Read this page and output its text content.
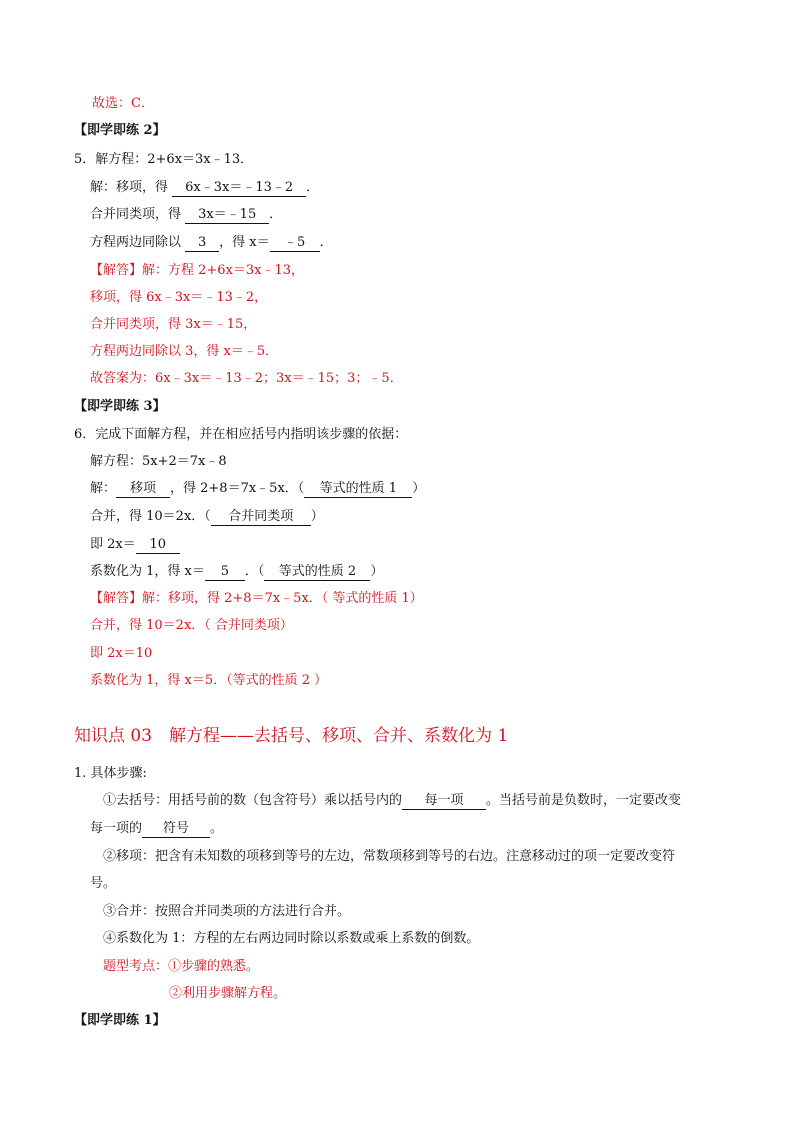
故选：C．
【即学即练 2】
5．解方程：2+6x＝3x﹣13．
解：移项，得 6x﹣3x＝﹣13﹣2 ．
合并同类项，得 3x＝﹣15 ．
方程两边同除以 3 ，得 x＝ ﹣5 ．
【解答】解：方程 2+6x＝3x﹣13，
移项，得 6x﹣3x＝﹣13﹣2，
合并同类项，得 3x＝﹣15，
方程两边同除以 3，得 x＝﹣5．
故答案为：6x﹣3x＝﹣13﹣2；3x＝﹣15；3；﹣5．
【即学即练 3】
6．完成下面解方程，并在相应括号内指明该步骤的依据：
解方程：5x+2＝7x﹣8
解： 移项 ，得 2+8＝7x﹣5x．（ 等式的性质 1 ）
合并，得 10＝2x．（ 合并同类项 ）
即 2x＝ 10
系数化为 1，得 x＝ 5 ．（ 等式的性质 2 ）
【解答】解：移项，得 2+8＝7x﹣5x．（ 等式的性质 1）
合并，得 10＝2x．（ 合并同类项）
即 2x＝10
系数化为 1，得 x＝5．（等式的性质 2 ）
知识点 03　解方程——去括号、移项、合并、系数化为 1
1. 具体步骤:
①去括号：用括号前的数（包含符号）乘以括号内的 每一项 。当括号前是负数时，一定要改变
每一项的 符号 。
②移项：把含有未知数的项移到等号的左边，常数项移到等号的右边。注意移动过的项一定要改变符
号。
③合并：按照合并同类项的方法进行合并。
④系数化为 1：方程的左右两边同时除以系数或乘上系数的倒数。
题型考点：①步骤的熟悉。
②利用步骤解方程。
【即学即练 1】
